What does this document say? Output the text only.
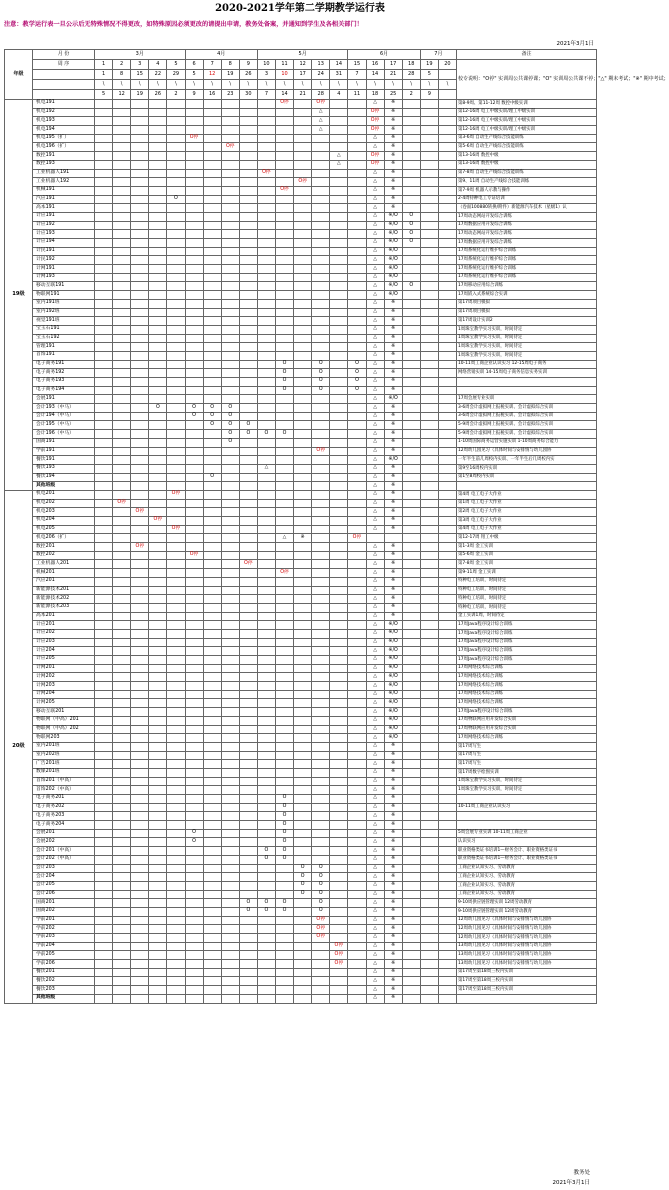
2020-2021学年第二学期教学运行表
注意：教学运行表一旦公示后无特殊情况不得更改，如特殊原因必须更改的请提出申请，教务处备案，并通知到学生及各相关部门！
2021年3月1日
年级	月 份	3月					4月				5月					6月				7月		备注
	周 序	1	2	3	4	5	6	7	8	9	10	11	12	13	14	15	16	17	18	19	20	校专说明："O停" 实训周公共课停课；"O" 实训周公共课不停；"△" 期末考试；"※" 期中考试；
		1	8	15	22	29	5	12	19	26	3	10	17	24	31	7	14	21	28	5		
		\	\	\	\	\	\	\	\	\	\	\	\	\	\	\	\	\	\	\	\	
		5	12	19	26	2	9	16	23	30	7	14	21	28	4	11	18	25	2	9		
19级	机电191											O停		O停			△	※				第8-9周、第11-12周 数控中级实训
	机电192													△			O停	※				第12-16周 电工中级实训/理工中级实训
	机电193													△			O停	※				第12-16周 电工中级实训/理工中级实训
	机电194													△			O停	※				第12-16周 电工中级实训/理工中级实训
	机电195（扩）						O停										△	※				第3-6周 自动生产线综合技能训练
	机电196（扩）								O停								△	※				第5-6周 自动生产线综合技能训练
	数控191														△		O停	※				第13-16周 数控中级
	数控193														△		O停	※				第13-16周 数控中级
	工业机器人191										O停						△	※				第7-8周 自动生产线综合技能训练
	工业机器人192												O停				△	※				第9、11周 自动生产线综合技能训练
	机械191											O停					△	※				第7-9周 机器人示教与操作
	汽应191					O											△	※				2-4周特种电工专证培训
	高本191																△	※				（卷面100880转换/附件）新能源汽车技术（星级1）认
	计应191																△	※/O	O			17周动态网站开发综合训练
	计应192																△	※/O	O			17周数据应用开发综合训练
	计应193																△	※/O	O			17周动态网站开发综合训练
	计应194																△	※/O	O			17周数据应用开发综合训练
	计民191																△	※/O				17周系统化运行维护综合训练
	计民192																△	※/O				17周系统化运行维护综合训练
	计网191																△	※/O				17周系统化运行维护综合训练
	计网193																△	※/O				17周系统化运行维护综合训练
	移动互联191																△	※/O	O			17周移动应用综合训练
	物联网191																△	※/O				17周嵌入式系统综合实训
	室内191班																△	※				第17周项目模拟
	室内192班																△	※				第17周项目模拟
	视觉191班																△	※				第17周设计实训2
	宝玉石191																△	※				1周珠宝教学实习实训，时间待定
	宝玉石192																△	※				1周珠宝教学实习实训，时间待定
	管理191																△	※				1周珠宝教学实习实训，时间待定
	首饰191																△	※				1周珠宝教学实习实训，时间待定
	电子商务191											O		O		O	△	※				10-11周工商企业认识实习 12-15周电子商务
	电子商务192											O		O		O	△	※				网络营销实训 14-15周电子商务信息实务实训
	电子商务193											O		O		O	△	※				
	电子商务194											O		O		O	△	※				
	会展191																△	※/O				17周会展专业实训
	会计193（中马）				O		O	O	O								△	※				3-6周会计虚拟网上报税实训、会计虚拟综合实训
	会计194（中马）						O	O	O								△	※				3-6周会计虚拟网上报税实训、会计虚拟综合实训
	会计195（中马）							O	O	O							△	※				5-9周会计虚拟网上报税实训、会计虚拟综合实训
	会计196（中马）								O	O	O	O					△	※				5-9周会计虚拟网上报税实训、会计虚拟综合实训
	国商191								O								△	※				1-10周国际商务运营实施实训 1-10周商务综合能力
	学前191													O停			△	※				12周幼儿园见习（具体时间与安排情与幼儿园协
	餐饮191																△	※/O				一年半生前几周校内实训、一年半生后几周校内实
	餐饮193										△						△	※				第9至16周校内实训
	餐饮194							O									△	※				第1至8周校内实训
	其他班级																△	※				
20级	机电201					O停											△	※				第4周 电工电子大作业
	机电202		O停														△	※				第1周 电工电子大作业
	机电203			O停													△	※				第2周 电工电子大作业
	机电204				O停												△	※				第3周 电工电子大作业
	机电205					O停											△	※				第4周 电工电子大作业
	机电206（扩）											△	※			O停						第12-17周 钳工中级
	数控201			O停													△	※				第1-3周 金工实训
	数控202						O停										△	※				第5-6周 金工实训
	工业机器人201									O停							△	※				第7-8周 金工实训
	机械201											O停					△	※				第9-11周 金工实训
	汽应201																△	※				特种电工培训，时间待定
	新能源技术201																△	※				特种电工培训，时间待定
	新能源技术202																△	※				特种电工培训，时间待定
	新能源技术203																△	※				特种电工培训，时间待定
	高本201																△	※				金工实训1周，时间待定
	计应201																△	※/O				17周Java程序设计综合训练
	计应202																△	※/O				17周Java程序设计综合训练
	计应203																△	※/O				17周Java程序设计综合训练
	计应204																△	※/O				17周Java程序设计综合训练
	计应205																△	※/O				17周Java程序设计综合训练
	计网201																△	※/O				17周网络技术综合训练
	计网202																△	※/O				17周网络技术综合训练
	计网203																△	※/O				17周网络技术综合训练
	计网204																△	※/O				17周网络技术综合训练
	计网205																△	※/O				17周网络技术综合训练
	移动互联201																△	※/O				17周Java程序设计综合训练
	物联网（中高）201																△	※/O				17周物联网应用开发综合实训
	物联网（中高）202																△	※/O				17周物联网应用开发综合实训
	物联网203																△	※/O				17周网络技术综合训练
	室内201班																△	※				第17周写生
	室内202班																△	※				第17周写生
	广告201班																△	※				第17周写生
	数媒201班																△	※				第17周数字绘图实训
	首饰201（中高）																△	※				1周珠宝教学实习实训，时间待定
	首饰202（中高）																△	※				1周珠宝教学实习实训，时间待定
	电子商务201											O					△	※				
	电子商务202											O					△	※				10-11周工商企业认识实习
	电子商务203											O					△	※				
	电子商务204											O					△	※				
	会展201						O					O					△	※				5周会展专业实训 10-11周工商企业
	会展202						O					O					△	※				认识实习
	会计201（中高）										O	O					△	※				职业资格类证书培训1—财务会计、职业资格类证书
	会计202（中高）										O	O					△	※				职业资格类证书培训1—财务会计、职业资格类证书
	会计203												O	O			△	※				工商企业认知实习、劳动教育
	会计204												O	O			△	※				工商企业认知实习、劳动教育
	会计205												O	O			△	※				工商企业认知实习、劳动教育
	会计206												O	O			△	※				工商企业认知实习、劳动教育
	国商201									O	O	O		O			△	※				9-10周供应链管理实训 12周劳动教育
	国商202									O	O	O		O			△	※				9-10周供应链管理实训 12周劳动教育
	学前201													O停			△	※				12周幼儿园见习（具体时间与安排情与幼儿园协
	学前202													O停			△	※				12周幼儿园见习（具体时间与安排情与幼儿园协
	学前203													O停			△	※				12周幼儿园见习（具体时间与安排情与幼儿园协
	学前204														O停		△	※				13周幼儿园见习（具体时间与安排情与幼儿园协
	学前205														O停		△	※				13周幼儿园见习（具体时间与安排情与幼儿园协
	学前206														O停		△	※				13周幼儿园见习（具体时间与安排情与幼儿园协
	餐饮201																△	※				第17周至第18周三校内实训
	餐饮202																△	※				第17周至第18周三校内实训
	餐饮203																△	※				第17周至第18周三校内实训
	其他班级																△	※				
教务处
2021年3月1日
